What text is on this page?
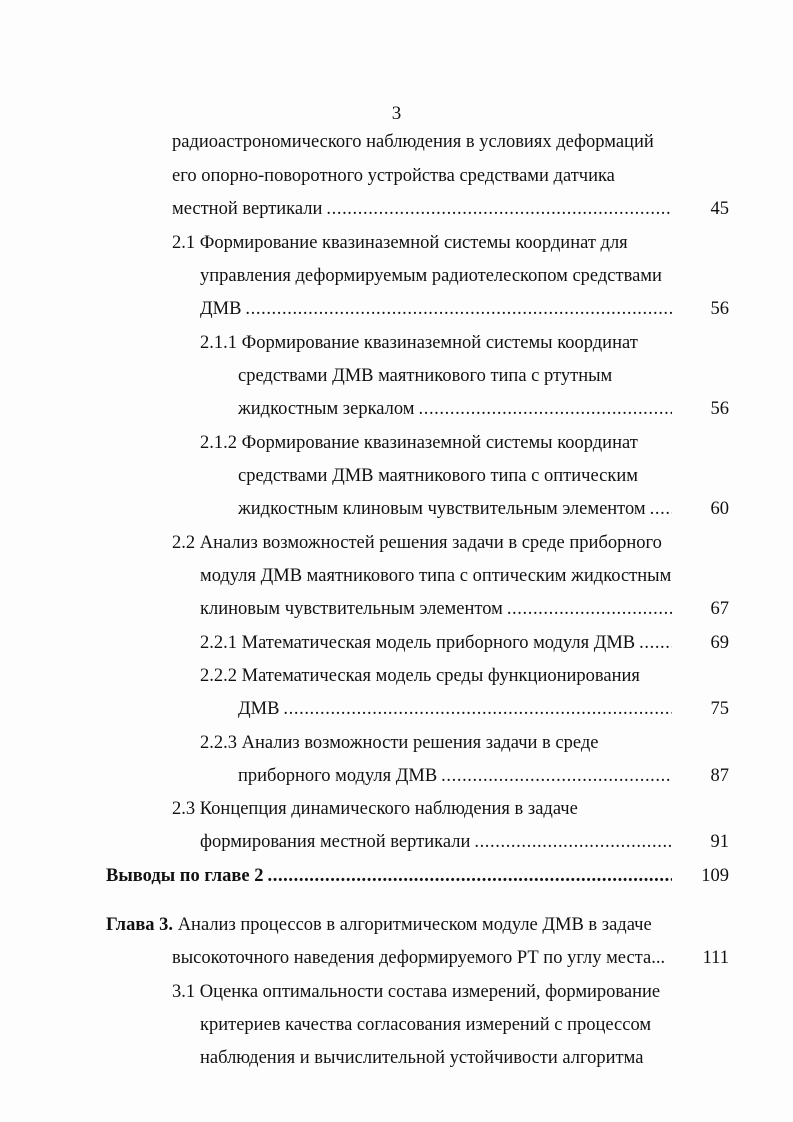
3
радиоастрономического наблюдения в условиях деформаций
его опорно-поворотного устройства средствами датчика
местной вертикали .....	45
2.1 Формирование квазиназемной системы координат для
управления деформируемым радиотелескопом средствами
ДМВ .....	56
2.1.1 Формирование квазиназемной системы координат
средствами ДМВ маятникового типа с ртутным
жидкостным зеркалом .....	56
2.1.2 Формирование квазиназемной системы координат
средствами ДМВ маятникового типа с оптическим
жидкостным клиновым чувствительным элементом .....	60
2.2 Анализ возможностей решения задачи в среде приборного
модуля ДМВ маятникового типа с оптическим жидкостным
клиновым чувствительным элементом .....	67
2.2.1 Математическая модель приборного модуля ДМВ .....	69
2.2.2 Математическая модель среды функционирования
ДМВ .....	75
2.2.3 Анализ возможности решения задачи в среде
приборного модуля ДМВ .....	87
2.3 Концепция динамического наблюдения в задаче
формирования местной вертикали .....	91
Выводы по главе 2 .....	109
Глава 3. Анализ процессов в алгоритмическом модуле ДМВ в задаче
высокоточного наведения деформируемого РТ по углу места...	111
3.1 Оценка оптимальности состава измерений, формирование
критериев качества согласования измерений с процессом
наблюдения и вычислительной устойчивости алгоритма
